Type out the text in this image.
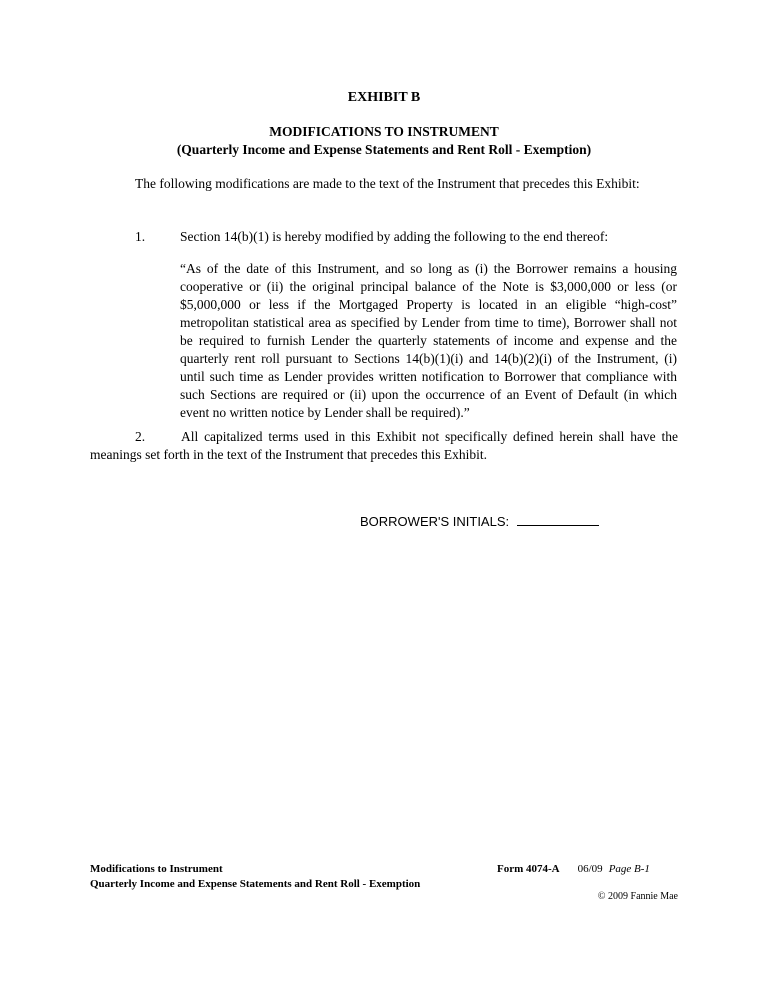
EXHIBIT B
MODIFICATIONS TO INSTRUMENT
(Quarterly Income and Expense Statements and Rent Roll - Exemption)
The following modifications are made to the text of the Instrument that precedes this Exhibit:
1.	Section 14(b)(1) is hereby modified by adding the following to the end thereof:
“As of the date of this Instrument, and so long as (i) the Borrower remains a housing cooperative or (ii) the original principal balance of the Note is $3,000,000 or less (or $5,000,000 or less if the Mortgaged Property is located in an eligible “high-cost” metropolitan statistical area as specified by Lender from time to time), Borrower shall not be required to furnish Lender the quarterly statements of income and expense and the quarterly rent roll pursuant to Sections 14(b)(1)(i) and 14(b)(2)(i) of the Instrument, (i) until such time as Lender provides written notification to Borrower that compliance with such Sections are required or (ii) upon the occurrence of an Event of Default (in which event no written notice by Lender shall be required).”
2.	All capitalized terms used in this Exhibit not specifically defined herein shall have the meanings set forth in the text of the Instrument that precedes this Exhibit.
BORROWER'S INITIALS:
Modifications to Instrument
Quarterly Income and Expense Statements and Rent Roll - Exemption
Form 4074-A 06/09 Page B-1
© 2009 Fannie Mae
